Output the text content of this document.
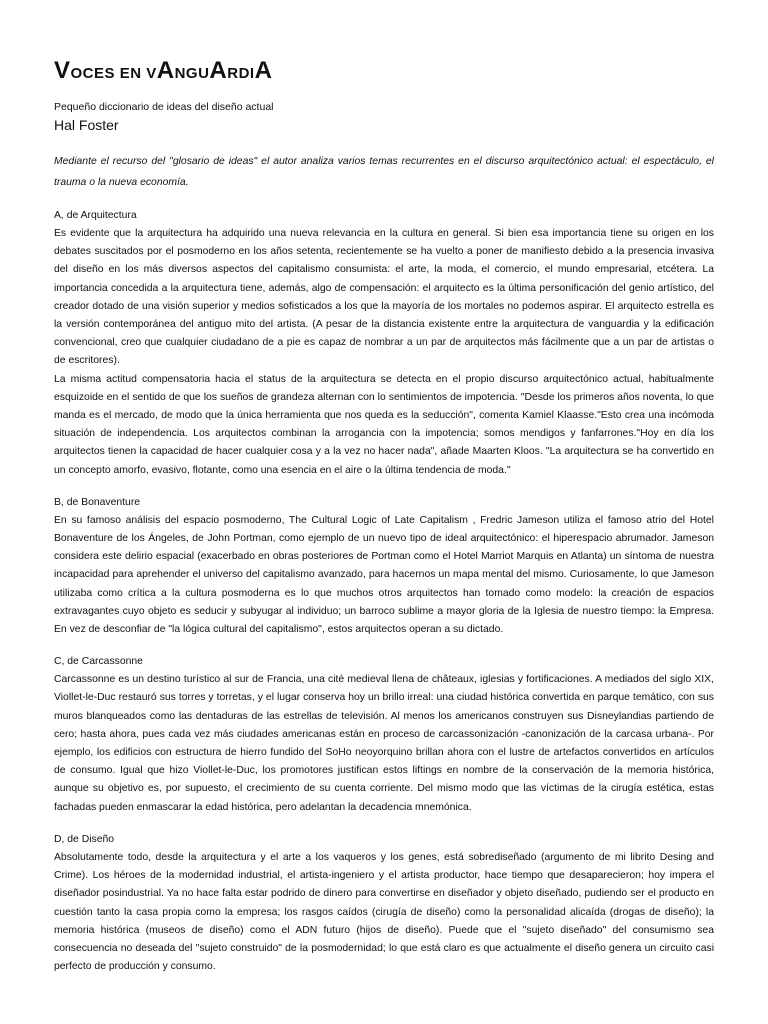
VOCES EN VANGUARDIA
Pequeño diccionario de ideas del diseño actual
Hal Foster
Mediante el recurso del "glosario de ideas" el autor analiza varios temas recurrentes en el discurso arquitectónico actual: el espectáculo, el trauma o la nueva economía.
A, de Arquitectura

Es evidente que la arquitectura ha adquirido una nueva relevancia en la cultura en general. Si bien esa importancia tiene su origen en los debates suscitados por el posmoderno en los años setenta, recientemente se ha vuelto a poner de manifiesto debido a la presencia invasiva del diseño en los más diversos aspectos del capitalismo consumista: el arte, la moda, el comercio, el mundo empresarial, etcétera. La importancia concedida a la arquitectura tiene, además, algo de compensación: el arquitecto es la última personificación del genio artístico, del creador dotado de una visión superior y medios sofisticados a los que la mayoría de los mortales no podemos aspirar. El arquitecto estrella es la versión contemporánea del antiguo mito del artista. (A pesar de la distancia existente entre la arquitectura de vanguardia y la edificación convencional, creo que cualquier ciudadano de a pie es capaz de nombrar a un par de arquitectos más fácilmente que a un par de artistas o de escritores).

La misma actitud compensatoria hacia el status de la arquitectura se detecta en el propio discurso arquitectónico actual, habitualmente esquizoide en el sentido de que los sueños de grandeza alternan con lo sentimientos de impotencia. "Desde los primeros años noventa, lo que manda es el mercado, de modo que la única herramienta que nos queda es la seducción", comenta Kamiel Klaasse."Esto crea una incómoda situación de independencia. Los arquitectos combinan la arrogancia con la impotencia; somos mendigos y fanfarrones."Hoy en día los arquitectos tienen la capacidad de hacer cualquier cosa y a la vez no hacer nada", añade Maarten Kloos. "La arquitectura se ha convertido en un concepto amorfo, evasivo, flotante, como una esencia en el aire o la última tendencia de moda."

B, de Bonaventure

En su famoso análisis del espacio posmoderno, The Cultural Logic of Late Capitalism , Fredric Jameson utiliza el famoso atrio del Hotel Bonaventure de los Ángeles, de John Portman, como ejemplo de un nuevo tipo de ideal arquitectónico: el hiperespacio abrumador. Jameson considera este delirio espacial (exacerbado en obras posteriores de Portman como el Hotel Marriot Marquis en Atlanta) un síntoma de nuestra incapacidad para aprehender el universo del capitalismo avanzado, para hacernos un mapa mental del mismo. Curiosamente, lo que Jameson utilizaba como crítica a la cultura posmoderna es lo que muchos otros arquitectos han tomado como modelo: la creación de espacios extravagantes cuyo objeto es seducir y subyugar al individuo; un barroco sublime a mayor gloria de la Iglesia de nuestro tiempo: la Empresa. En vez de desconfiar de "la lógica cultural del capitalismo", estos arquitectos operan a su dictado.

C, de Carcassonne

Carcassonne es un destino turístico al sur de Francia, una cité medieval llena de châteaux, iglesias y fortificaciones. A mediados del siglo XIX, Viollet-le-Duc restauró sus torres y torretas, y el lugar conserva hoy un brillo irreal: una ciudad histórica convertida en parque temático, con sus muros blanqueados como las dentaduras de las estrellas de televisión. Al menos los americanos construyen sus Disneylandias partiendo de cero; hasta ahora, pues cada vez más ciudades americanas están en proceso de carcassonización -canonización de la carcasa urbana-. Por ejemplo, los edificios con estructura de hierro fundido del SoHo neoyorquino brillan ahora con el lustre de artefactos convertidos en artículos de consumo. Igual que hizo Viollet-le-Duc, los promotores justifican estos liftings en nombre de la conservación de la memoria histórica, aunque su objetivo es, por supuesto, el crecimiento de su cuenta corriente. Del mismo modo que las víctimas de la cirugía estética, estas fachadas pueden enmascarar la edad histórica, pero adelantan la decadencia mnemónica.

D, de Diseño

Absolutamente todo, desde la arquitectura y el arte a los vaqueros y los genes, está sobrediseñado (argumento de mi librito Desing and Crime). Los héroes de la modernidad industrial, el artista-ingeniero y el artista productor, hace tiempo que desaparecieron; hoy impera el diseñador posindustrial. Ya no hace falta estar podrido de dinero para convertirse en diseñador y objeto diseñado, pudiendo ser el producto en cuestión tanto la casa propia como la empresa; los rasgos caídos (cirugía de diseño) como la personalidad alicaída (drogas de diseño); la memoria histórica (museos de diseño) como el ADN futuro (hijos de diseño). Puede que el "sujeto diseñado" del consumismo sea consecuencia no deseada del "sujeto construido" de la posmodernidad; lo que está claro es que actualmente el diseño genera un circuito casi perfecto de producción y consumo.
